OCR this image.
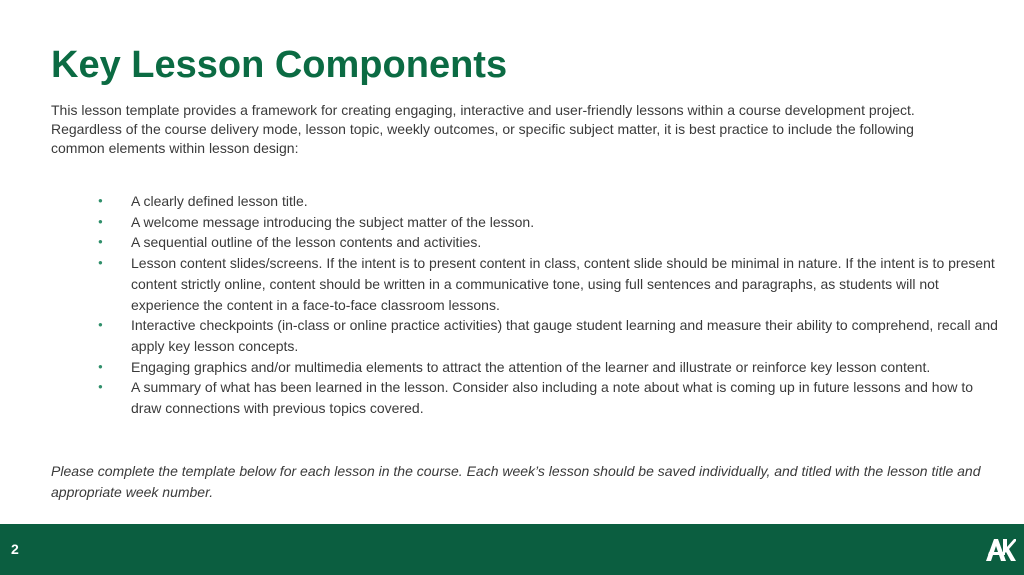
Key Lesson Components

This lesson template provides a framework for creating engaging, interactive and user-friendly lessons within a course development project. Regardless of the course delivery mode, lesson topic, weekly outcomes, or specific subject matter, it is best practice to include the following common elements within lesson design:

● A clearly defined lesson title.
● A welcome message introducing the subject matter of the lesson.
● A sequential outline of the lesson contents and activities.
● Lesson content slides/screens. If the intent is to present content in class, content slide should be minimal in nature. If the intent is to present content strictly online, content should be written in a communicative tone, using full sentences and paragraphs, as students will not experience the content in a face-to-face classroom lessons.
● Interactive checkpoints (in-class or online practice activities) that gauge student learning and measure their ability to comprehend, recall and apply key lesson concepts.
● Engaging graphics and/or multimedia elements to attract the attention of the learner and illustrate or reinforce key lesson content.
● A summary of what has been learned in the lesson. Consider also including a note about what is coming up in future lessons and how to draw connections with previous topics covered.

Please complete the template below for each lesson in the course. Each week’s lesson should be saved individually, and titled with the lesson title and appropriate week number.

2
